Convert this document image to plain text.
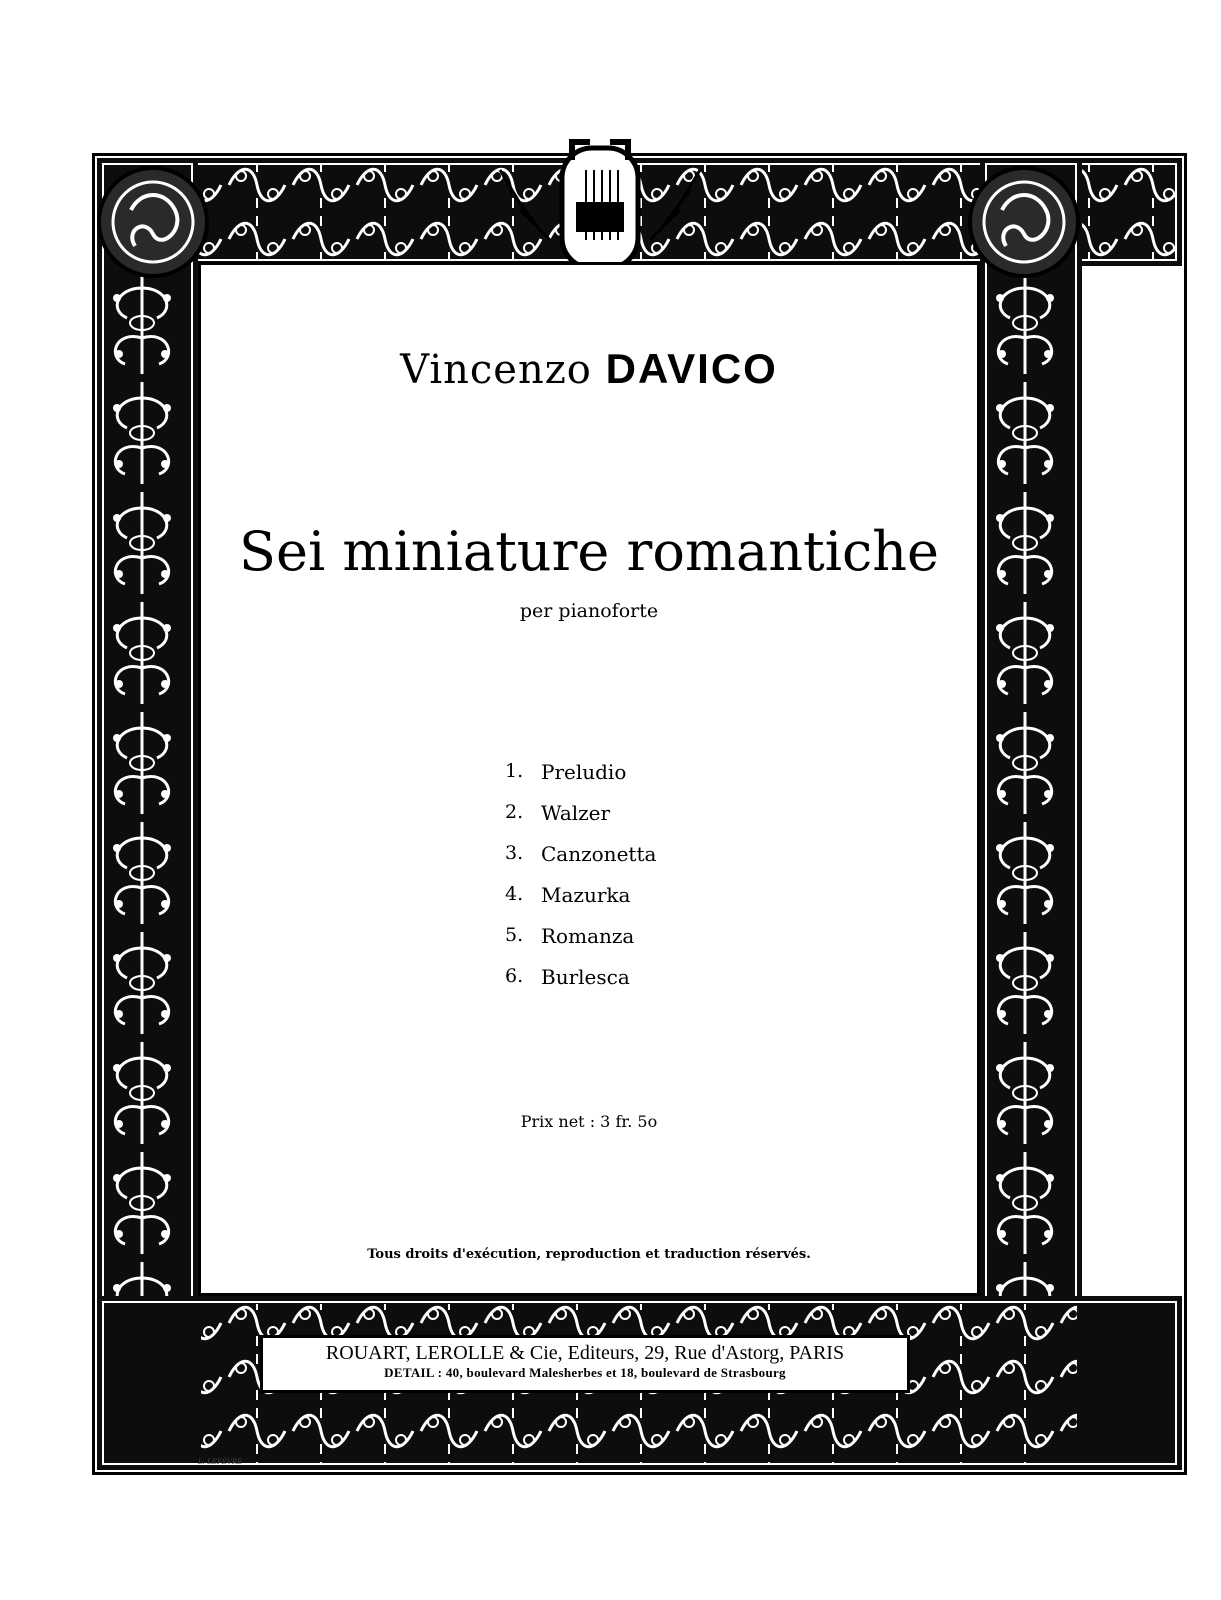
Vincenzo DAVICO
Sei miniature romantiche
per pianoforte
1. Preludio
2. Walzer
3. Canzonetta
4. Mazurka
5. Romanza
6. Burlesca
Prix net : 3 fr. 5o
Tous droits d'exécution, reproduction et traduction réservés.
ROUART, LEROLLE & Cie, Editeurs, 29, Rue d'Astorg, PARIS
DETAIL : 40, boulevard Malesherbes et 18, boulevard de Strasbourg
L. LEFÈVRE
